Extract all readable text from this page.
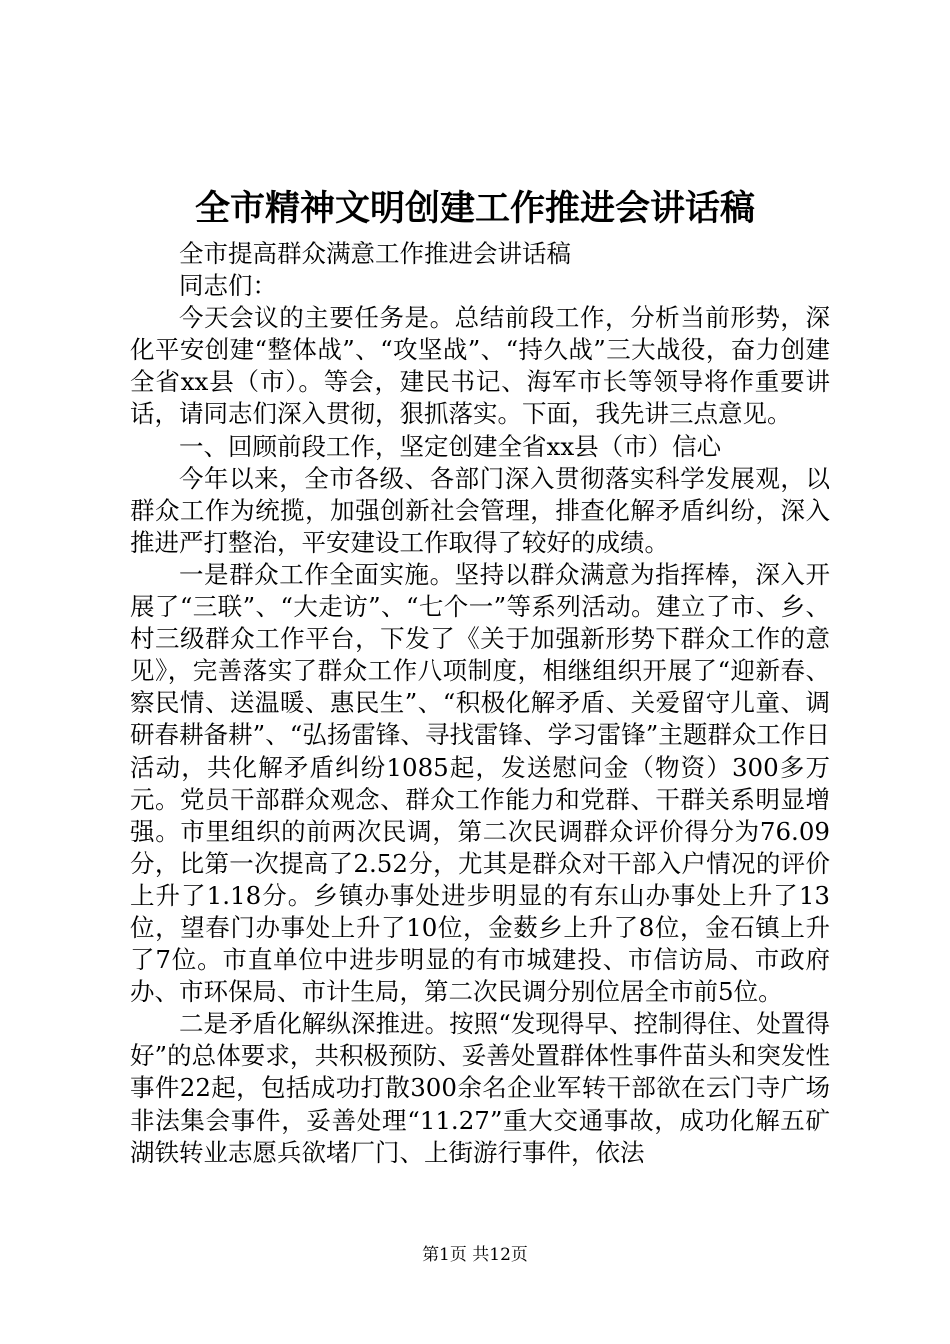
全市精神文明创建工作推进会讲话稿

全市提高群众满意工作推进会讲话稿

同志们：

今天会议的主要任务是。总结前段工作，分析当前形势，深化平安创建“整体战”、“攻坚战”、“持久战”三大战役，奋力创建全省xx县（市）。等会，建民书记、海军市长等领导将作重要讲话，请同志们深入贯彻，狠抓落实。下面，我先讲三点意见。

一、回顾前段工作，坚定创建全省xx县（市）信心

今年以来，全市各级、各部门深入贯彻落实科学发展观，以群众工作为统揽，加强创新社会管理，排查化解矛盾纠纷，深入推进严打整治，平安建设工作取得了较好的成绩。

一是群众工作全面实施。坚持以群众满意为指挥棒，深入开展了“三联”、“大走访”、“七个一”等系列活动。建立了市、乡、村三级群众工作平台，下发了《关于加强新形势下群众工作的意见》，完善落实了群众工作八项制度，相继组织开展了“迎新春、察民情、送温暖、惠民生”、“积极化解矛盾、关爱留守儿童、调研春耕备耕”、“弘扬雷锋、寻找雷锋、学习雷锋”主题群众工作日活动，共化解矛盾纠纷1085起，发送慰问金（物资）300多万元。党员干部群众观念、群众工作能力和党群、干群关系明显增强。市里组织的前两次民调，第二次民调群众评价得分为76.09分，比第一次提高了2.52分，尤其是群众对干部入户情况的评价上升了1.18分。乡镇办事处进步明显的有东山办事处上升了13位，望春门办事处上升了10位，金薮乡上升了8位，金石镇上升了7位。市直单位中进步明显的有市城建投、市信访局、市政府办、市环保局、市计生局，第二次民调分别位居全市前5位。

二是矛盾化解纵深推进。按照“发现得早、控制得住、处置得好”的总体要求，共积极预防、妥善处置群体性事件苗头和突发性事件22起，包括成功打散300余名企业军转干部欲在云门寺广场非法集会事件，妥善处理“11.27”重大交通事故，成功化解五矿湖铁转业志愿兵欲堵厂门、上街游行事件，依法

第1页 共12页
